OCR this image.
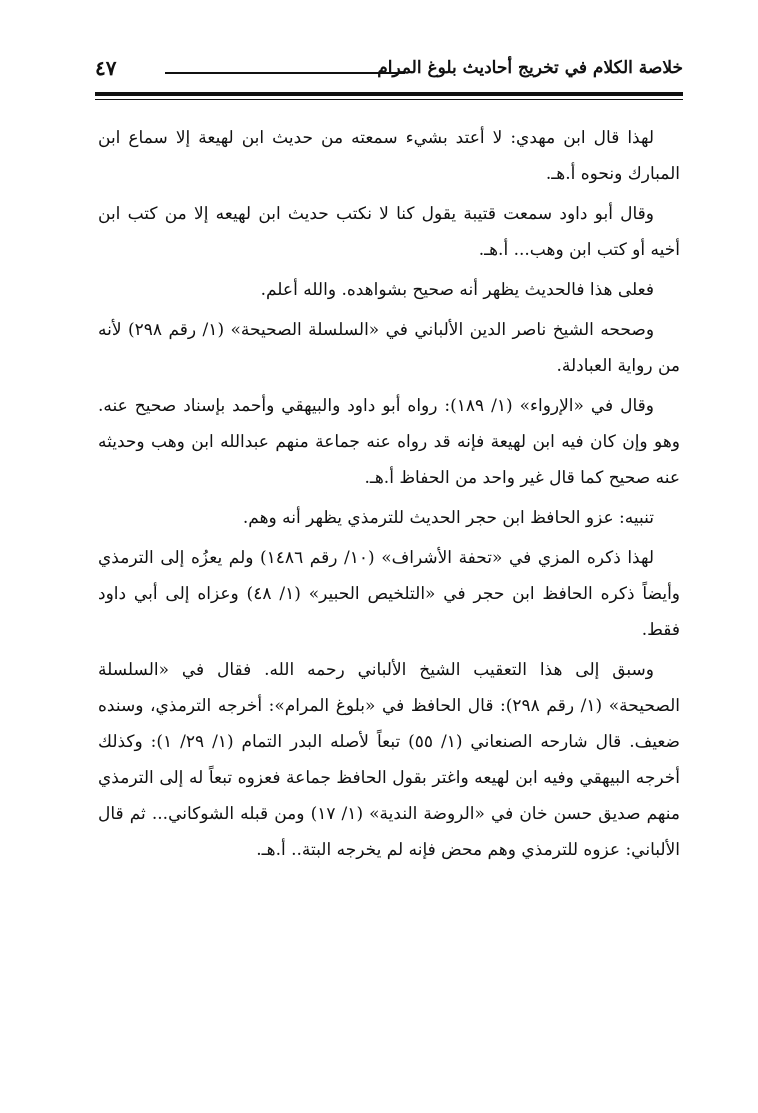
خلاصة الكلام في تخريج أحاديث بلوغ المرام
٤٧

لهذا قال ابن مهدي: لا أعتد بشيء سمعته من حديث ابن لهيعة إلا سماع ابن المبارك ونحوه أ.هـ.

وقال أبو داود سمعت قتيبة يقول كنا لا نكتب حديث ابن لهيعه إلا من كتب ابن أخيه أو كتب ابن وهب... أ.هـ.

فعلى هذا فالحديث يظهر أنه صحيح بشواهده. والله أعلم.

وصححه الشيخ ناصر الدين الألباني في «السلسلة الصحيحة» (١/ رقم ٢٩٨) لأنه من رواية العبادلة.

وقال في «الإرواء» (١/ ١٨٩): رواه أبو داود والبيهقي وأحمد بإسناد صحيح عنه. وهو وإن كان فيه ابن لهيعة فإنه قد رواه عنه جماعة منهم عبدالله ابن وهب وحديثه عنه صحيح كما قال غير واحد من الحفاظ أ.هـ.

تنبيه: عزو الحافظ ابن حجر الحديث للترمذي يظهر أنه وهم.

لهذا ذكره المزي في «تحفة الأشراف» (١٠/ رقم ١٤٨٦) ولم يعزُه إلى الترمذي وأيضاً ذكره الحافظ ابن حجر في «التلخيص الحبير» (١/ ٤٨) وعزاه إلى أبي داود فقط.

وسبق إلى هذا التعقيب الشيخ الألباني رحمه الله. فقال في «السلسلة الصحيحة» (١/ رقم ٢٩٨): قال الحافظ في «بلوغ المرام»: أخرجه الترمذي، وسنده ضعيف. قال شارحه الصنعاني (١/ ٥٥) تبعاً لأصله البدر التمام (١/ ٢٩/ ١): وكذلك أخرجه البيهقي وفيه ابن لهيعه واغتر بقول الحافظ جماعة فعزوه تبعاً له إلى الترمذي منهم صديق حسن خان في «الروضة الندية» (١/ ١٧) ومن قبله الشوكاني... ثم قال الألباني: عزوه للترمذي وهم محض فإنه لم يخرجه البتة.. أ.هـ.
